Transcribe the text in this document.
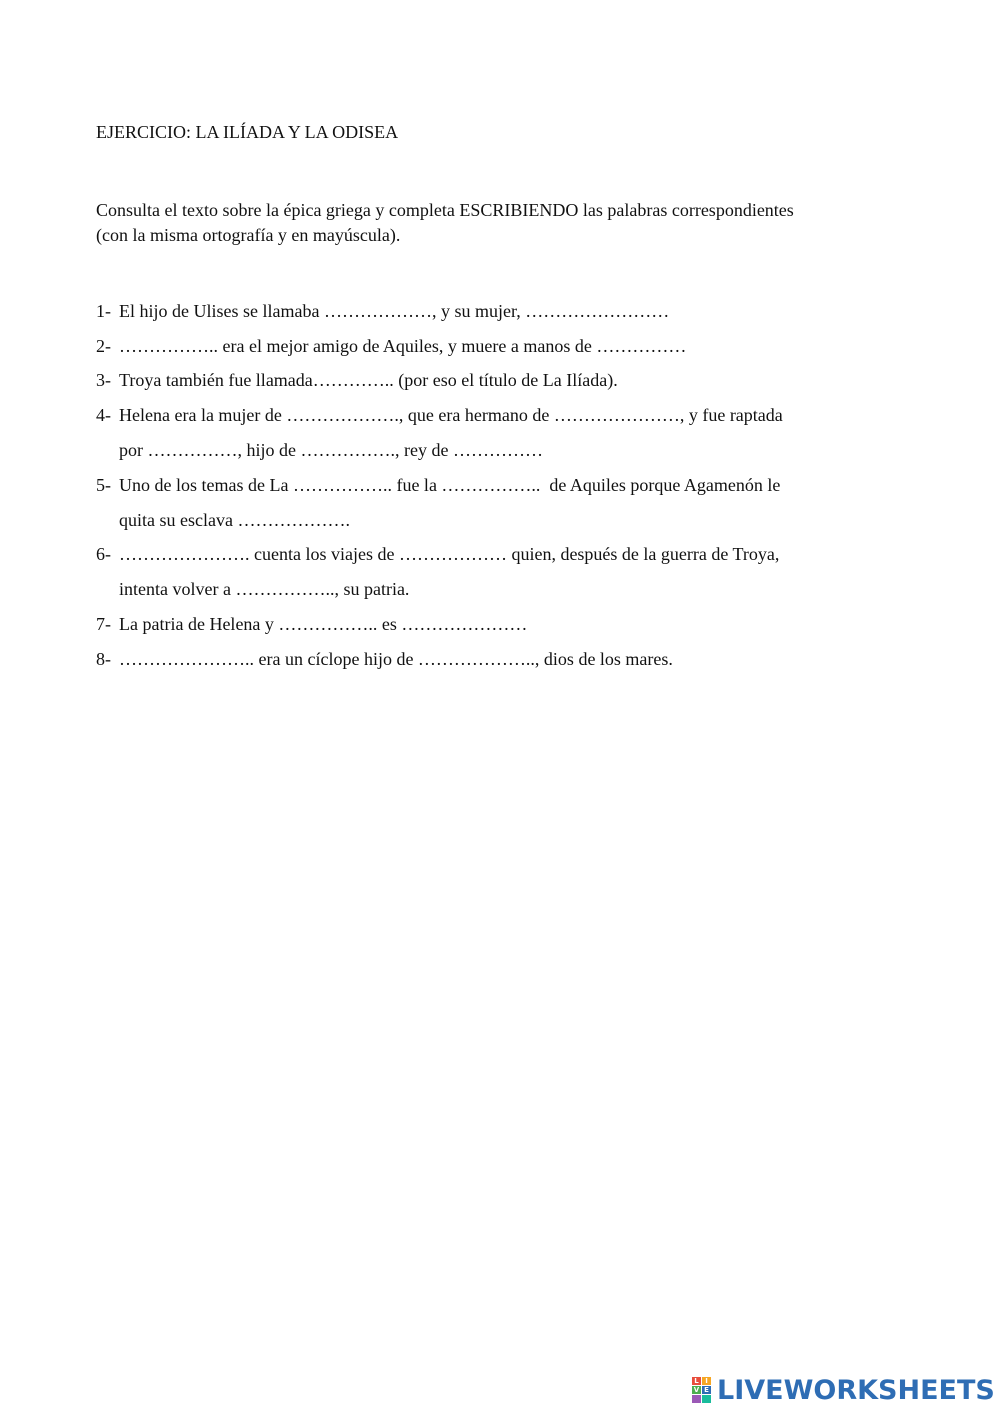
EJERCICIO: LA ILÍADA Y LA ODISEA
Consulta el texto sobre la épica griega y completa ESCRIBIENDO las palabras correspondientes
(con la misma ortografía y en mayúscula).
1- El hijo de Ulises se llamaba ………………, y su mujer, ……………………
2- …………….. era el mejor amigo de Aquiles, y muere a manos de ……………
3- Troya también fue llamada………….. (por eso el título de La Ilíada).
4- Helena era la mujer de ………………., que era hermano de …………………, y fue raptada
por ……………, hijo de ……………., rey de ……………
5- Uno de los temas de La …………….. fue la ……………..  de Aquiles porque Agamenón le
quita su esclava ……………….
6- …………………. cuenta los viajes de ……………… quien, después de la guerra de Troya,
intenta volver a …………….., su patria.
7- La patria de Helena y …………….. es …………………
8- ………………….. era un cíclope hijo de ……………….., dios de los mares.
L I
V E LIVEWORKSHEETS
